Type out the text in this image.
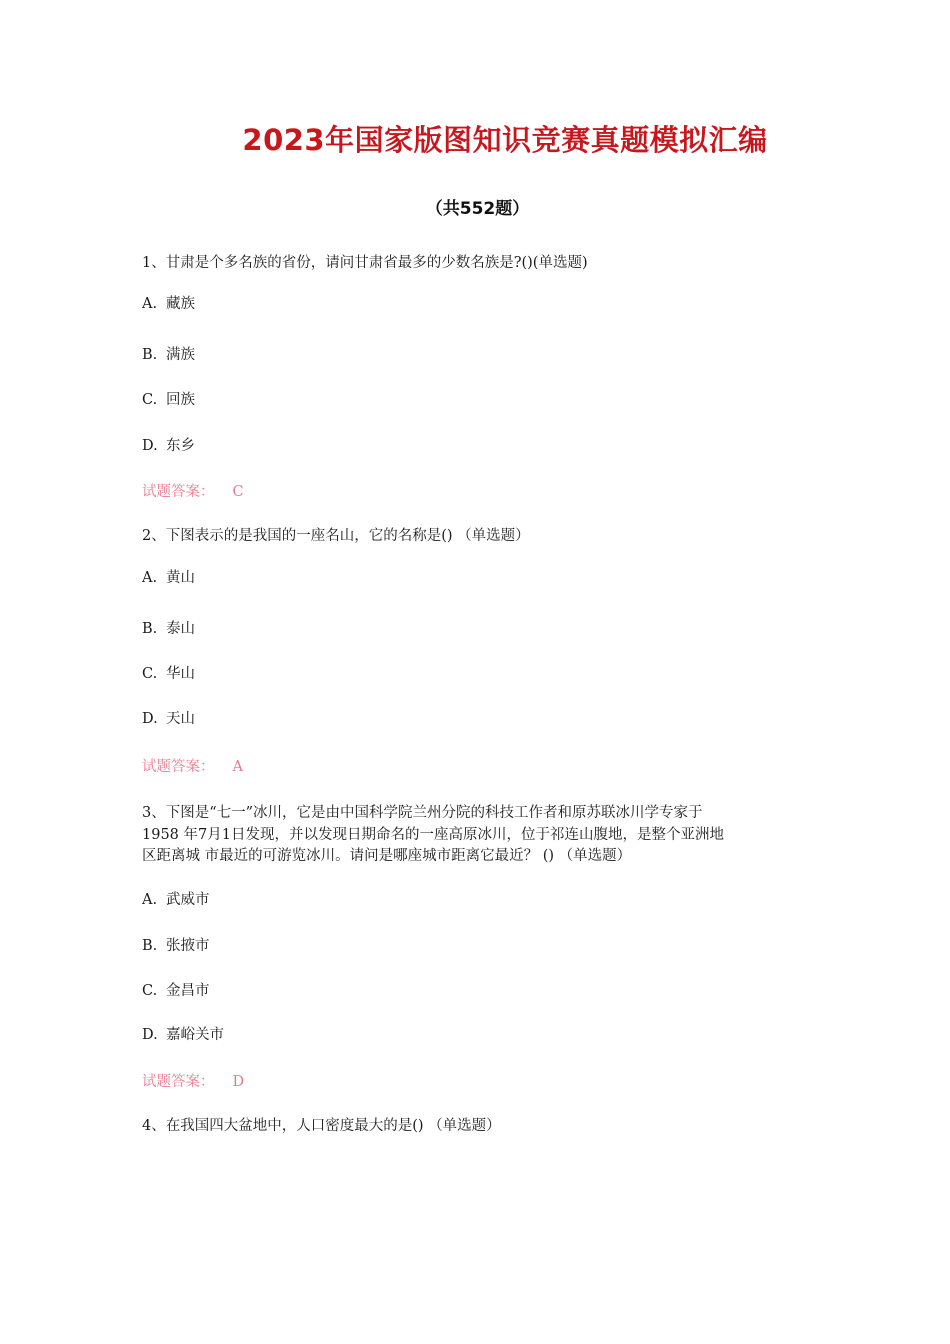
2023年国家版图知识竞赛真题模拟汇编
（共552题）
1、甘肃是个多名族的省份，请问甘肃省最多的少数名族是?()(单选题)
A. 藏族
B. 满族
C. 回族
D. 东乡
试题答案： C
2、下图表示的是我国的一座名山，它的名称是() （单选题）
A. 黄山
B. 泰山
C. 华山
D. 天山
试题答案： A
3、下图是“七一”冰川，它是由中国科学院兰州分院的科技工作者和原苏联冰川学专家于
1958 年7月1日发现，并以发现日期命名的一座高原冰川，位于祁连山腹地，是整个亚洲地
区距离城 市最近的可游览冰川。请问是哪座城市距离它最近？ () （单选题）
A. 武威市
B. 张掖市
C. 金昌市
D. 嘉峪关市
试题答案： D
4、在我国四大盆地中，人口密度最大的是() （单选题）
